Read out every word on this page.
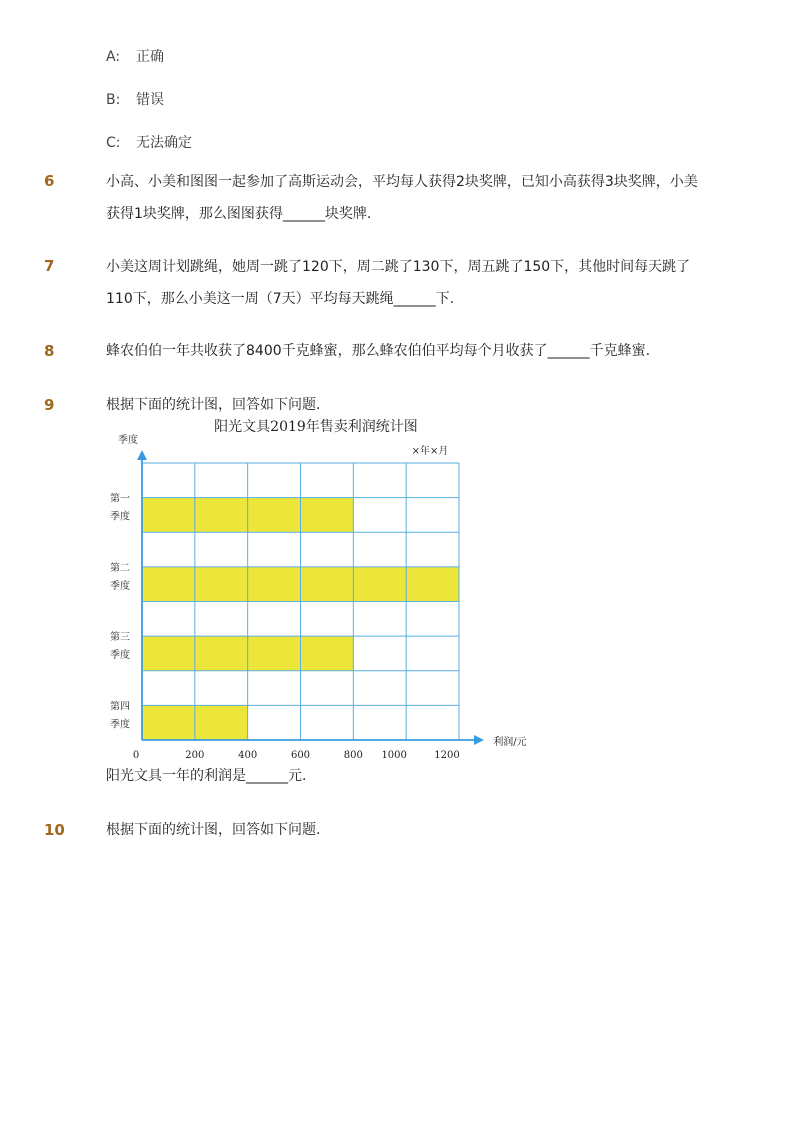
A: 正确
B: 错误
C: 无法确定
6	小高、小美和图图一起参加了高斯运动会，平均每人获得2块奖牌，已知小高获得3块奖牌，小美
获得1块奖牌，那么图图获得______块奖牌.
7	小美这周计划跳绳，她周一跳了120下，周二跳了130下，周五跳了150下，其他时间每天跳了
110下，那么小美这一周（7天）平均每天跳绳______下.
8	蜂农伯伯一年共收获了8400千克蜂蜜，那么蜂农伯伯平均每个月收获了______千克蜂蜜.
9	根据下面的统计图，回答如下问题.
阳光文具2019年售卖利润统计图
×年×月
季度
利润/元
第一
季度
第二
季度
第三
季度
第四
季度
0	200	400	600	800 1000	1200
阳光文具一年的利润是______元.
10	根据下面的统计图，回答如下问题.
